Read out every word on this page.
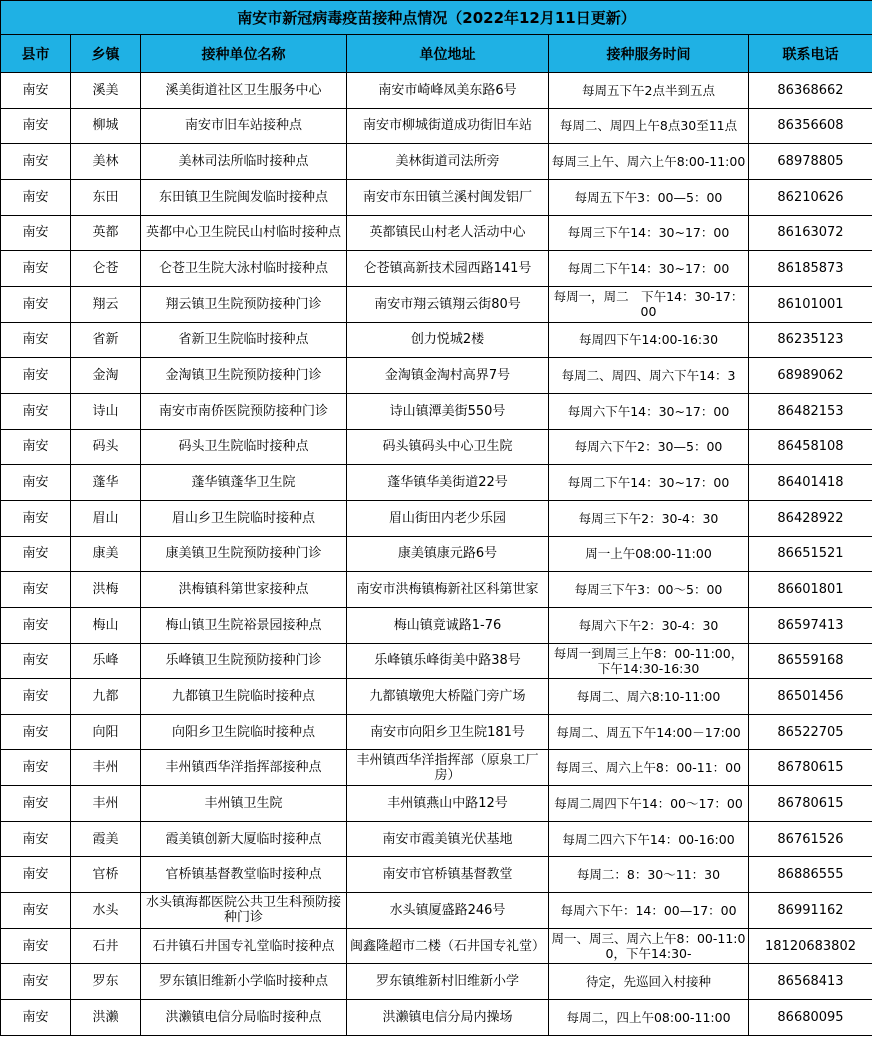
南安市新冠病毒疫苗接种点情况（2022年12月11日更新）					
县市	乡镇	接种单位名称	单位地址	接种服务时间	联系电话
南安	溪美	溪美街道社区卫生服务中心	南安市崎峰凤美东路6号	每周五下午2点半到五点	86368662
南安	柳城	南安市旧车站接种点	南安市柳城街道成功街旧车站	每周二、周四上午8点30至11点	86356608
南安	美林	美林司法所临时接种点	美林街道司法所旁	每周三上午、周六上午8:00-11:00	68978805
南安	东田	东田镇卫生院闽发临时接种点	南安市东田镇兰溪村闽发铝厂	每周五下午3：00—5：00	86210626
南安	英都	英都中心卫生院民山村临时接种点	英都镇民山村老人活动中心	每周三下午14：30~17：00	86163072
南安	仑苍	仑苍卫生院大泳村临时接种点	仑苍镇高新技术园西路141号	每周二下午14：30~17：00	86185873
南安	翔云	翔云镇卫生院预防接种门诊	南安市翔云镇翔云街80号	每周一，周二　下午14：30-17：00	86101001
南安	省新	省新卫生院临时接种点	创力悦城2楼	每周四下午14:00-16:30	86235123
南安	金淘	金淘镇卫生院预防接种门诊	金淘镇金淘村高界7号	每周二、周四、周六下午14：3	68989062
南安	诗山	南安市南侨医院预防接种门诊	诗山镇潭美街550号	每周六下午14：30~17：00	86482153
南安	码头	码头卫生院临时接种点	码头镇码头中心卫生院	每周六下午2：30—5：00	86458108
南安	蓬华	蓬华镇蓬华卫生院	蓬华镇华美街道22号	每周二下午14：30~17：00	86401418
南安	眉山	眉山乡卫生院临时接种点	眉山街田内老少乐园	每周三下午2：30-4：30	86428922
南安	康美	康美镇卫生院预防接种门诊	康美镇康元路6号	周一上午08:00-11:00	86651521
南安	洪梅	洪梅镇科第世家接种点	南安市洪梅镇梅新社区科第世家	每周三下午3：00～5：00	86601801
南安	梅山	梅山镇卫生院裕景园接种点	梅山镇竟诚路1-76	每周六下午2：30-4：30	86597413
南安	乐峰	乐峰镇卫生院预防接种门诊	乐峰镇乐峰街美中路38号	每周一到周三上午8：00-11:00，下午14:30-16:30	86559168
南安	九都	九都镇卫生院临时接种点	九都镇墩兜大桥隘门旁广场	每周二、周六8:10-11:00	86501456
南安	向阳	向阳乡卫生院临时接种点	南安市向阳乡卫生院181号	每周二、周五下午14:00－17:00	86522705
南安	丰州	丰州镇西华洋指挥部接种点	丰州镇西华洋指挥部（原泉工厂房）	每周三、周六上午8：00-11：00	86780615
南安	丰州	丰州镇卫生院	丰州镇燕山中路12号	每周二周四下午14：00～17：00	86780615
南安	霞美	霞美镇创新大厦临时接种点	南安市霞美镇光伏基地	每周二四六下午14：00-16:00	86761526
南安	官桥	官桥镇基督教堂临时接种点	南安市官桥镇基督教堂	每周二：8：30～11：30	86886555
南安	水头	水头镇海都医院公共卫生科预防接种门诊	水头镇厦盛路246号	每周六下午：14：00—17：00	86991162
南安	石井	石井镇石井国专礼堂临时接种点	闽鑫隆超市二楼（石井国专礼堂）	周一、周三、周六上午8：00-11:00，下午14:30-	18120683802
南安	罗东	罗东镇旧维新小学临时接种点	罗东镇维新村旧维新小学	待定，先巡回入村接种	86568413
南安	洪濑	洪濑镇电信分局临时接种点	洪濑镇电信分局内操场	每周二，四上午08:00-11:00	86680095
